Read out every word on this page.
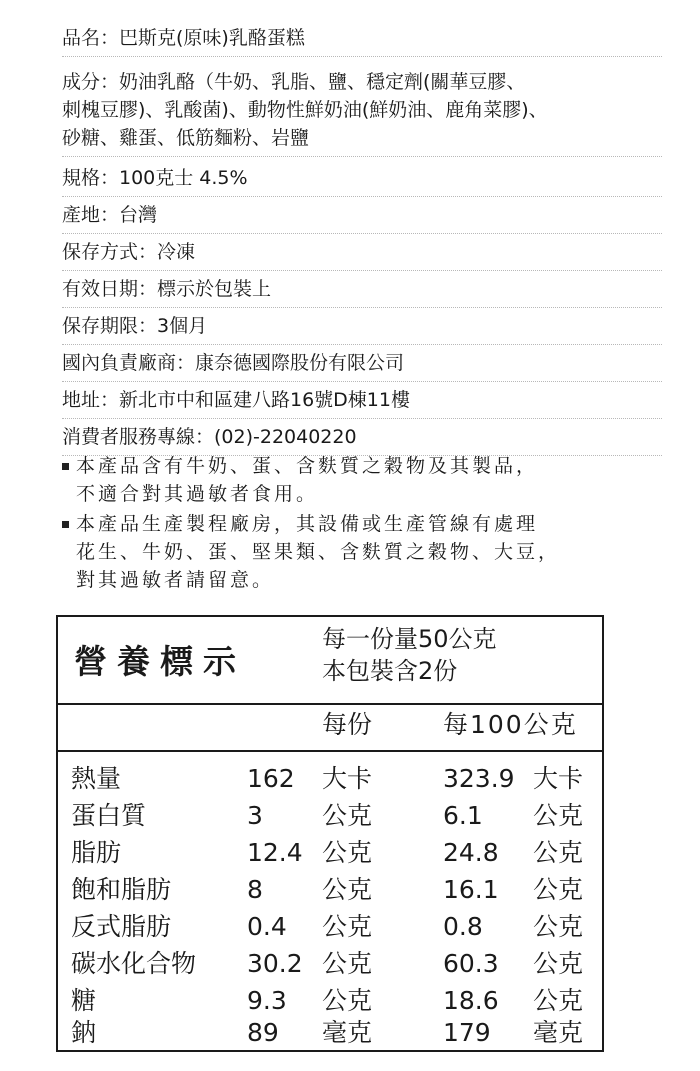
品名：巴斯克(原味)乳酪蛋糕

成分：奶油乳酪（牛奶、乳脂、鹽、穩定劑(關華豆膠、
刺槐豆膠)、乳酸菌)、動物性鮮奶油(鮮奶油、鹿角菜膠)、
砂糖、雞蛋、低筋麵粉、岩鹽

規格：100克士 4.5%

產地：台灣

保存方式：冷凍

有效日期：標示於包裝上

保存期限：3個月

國內負責廠商：康奈德國際股份有限公司

地址：新北市中和區建八路16號D棟11樓

消費者服務專線：(02)-22040220

本產品含有牛奶、蛋、含麩質之穀物及其製品，
不適合對其過敏者食用。
本產品生產製程廠房，其設備或生產管線有處理
花生、牛奶、蛋、堅果類、含麩質之穀物、大豆，
對其過敏者請留意。
營養標示
每一份量50公克
本包裝含2份
每份	每100公克
熱量	162 大卡	323.9 大卡
蛋白質	3 公克	6.1 公克
脂肪	12.4 公克	24.8 公克
飽和脂肪	8 公克	16.1 公克
反式脂肪	0.4 公克	0.8 公克
碳水化合物 30.2 公克	60.3 公克
糖	9.3 公克	18.6 公克
鈉	89 毫克	179 毫克
